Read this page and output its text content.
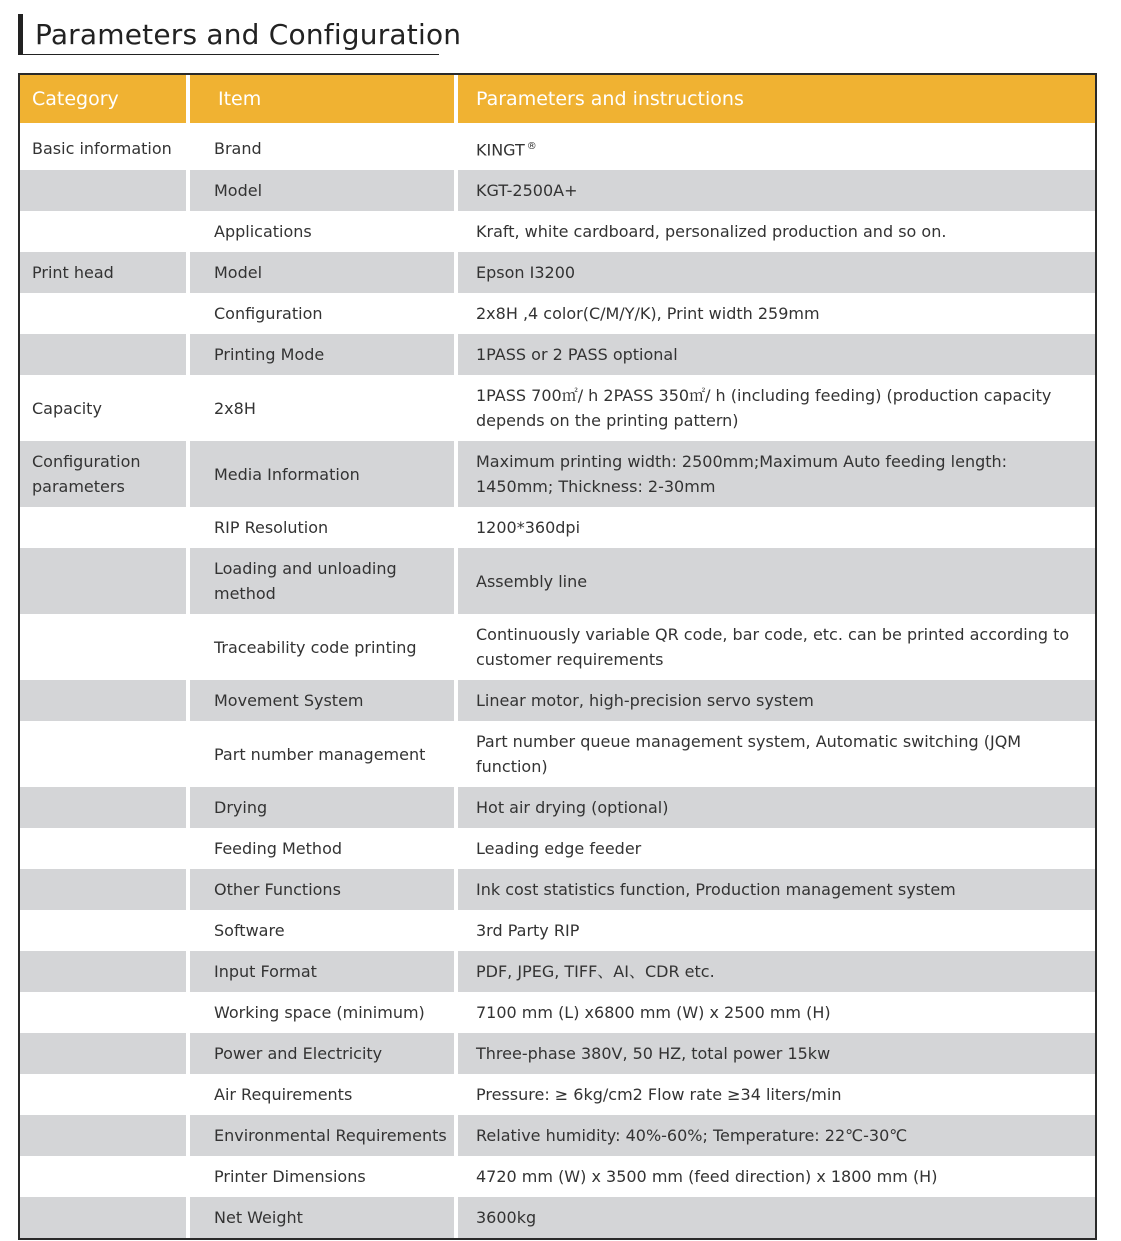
Parameters and Configuration
Category	Item	Parameters and instructions
Basic information	Brand	KINGT ®
	Model	KGT-2500A+
	Applications	Kraft, white cardboard, personalized production and so on.
Print head	Model	Epson I3200
	Configuration	2x8H ,4 color(C/M/Y/K), Print width 259mm
	Printing Mode	1PASS or 2 PASS optional
Capacity	2x8H	1PASS 700㎡/ h 2PASS 350㎡/ h (including feeding) (production capacity depends on the printing pattern)
Configuration parameters	Media Information	Maximum printing width: 2500mm;Maximum Auto feeding length: 1450mm; Thickness: 2-30mm
	RIP Resolution	1200*360dpi
	Loading and unloading method	Assembly line
	Traceability code printing	Continuously variable QR code, bar code, etc. can be printed according to customer requirements
	Movement System	Linear motor, high-precision servo system
	Part number management	Part number queue management system, Automatic switching (JQM function)
	Drying	Hot air drying (optional)
	Feeding Method	Leading edge feeder
	Other Functions	Ink cost statistics function, Production management system
	Software	3rd Party RIP
	Input Format	PDF, JPEG, TIFF、AI、CDR etc.
	Working space (minimum)	7100 mm (L) x6800 mm (W) x 2500 mm (H)
	Power and Electricity	Three-phase 380V, 50 HZ, total power 15kw
	Air Requirements	Pressure: ≥ 6kg/cm2 Flow rate ≥34 liters/min
	Environmental Requirements	Relative humidity: 40%-60%; Temperature: 22℃-30℃
	Printer Dimensions	4720 mm (W) x 3500 mm (feed direction) x 1800 mm (H)
	Net Weight	3600kg
